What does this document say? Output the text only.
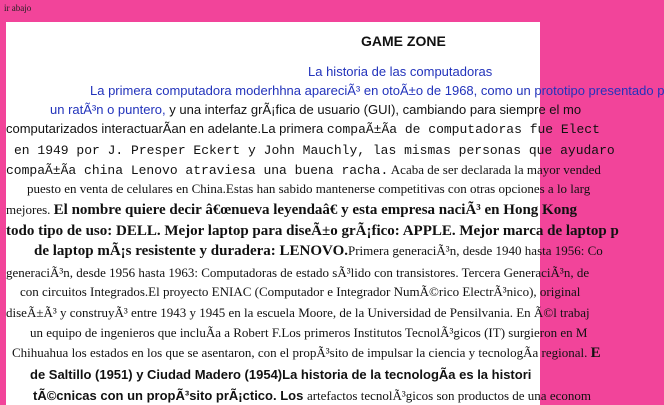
ir abajo
GAME ZONE
La historia de las computadoras
La primera computadora moderhhna apareciÃ³ en otoÃ±o de 1968, como un prototipo presentado p
un ratÃ³n o puntero, y una interfaz grÃ¡fica de usuario (GUI), cambiando para siempre el mo
computarizados interactuarÃan en adelante.La primera compaÃ±Ãa de computadoras fue Elect
en 1949 por J. Presper Eckert y John Mauchly, las mismas personas que ayudaro
compaÃ±Ãa china Lenovo atraviesa una buena racha. Acaba de ser declarada la mayor vended
puesto en venta de celulares en China.Estas han sabido mantenerse competitivas con otras opciones a lo larg
mejores. El nombre quiere decir â€œnueva leyendaâ€ y esta empresa naciÃ³ en Hong Kong
todo tipo de uso: DELL. Mejor laptop para diseÃ±o grÃ¡fico: APPLE. Mejor marca de laptop p
de laptop mÃ¡s resistente y duradera: LENOVO.Primera generaciÃ³n, desde 1940 hasta 1956: Co
generaciÃ³n, desde 1956 hasta 1963: Computadoras de estado sÃ³lido con transistores. Tercera GeneraciÃ³n, de
con circuitos Integrados.El proyecto ENIAC (Computador e Integrador NumÃ©rico ElectrÃ³nico), original
diseÃ±Ã³ y construyÃ³ entre 1943 y 1945 en la escuela Moore, de la Universidad de Pensilvania. En Ã©l trabaj
un equipo de ingenieros que incluÃa a Robert F.Los primeros Institutos TecnolÃ³gicos (IT) surgieron en M
Chihuahua los estados en los que se asentaron, con el propÃ³sito de impulsar la ciencia y tecnologÃa regional. E
de Saltillo (1951) y Ciudad Madero (1954)La historia de la tecnologÃa es la histori
tÃ©cnicas con un propÃ³sito prÃ¡ctico. Los artefactos tecnolÃ³gicos son productos de una econom
